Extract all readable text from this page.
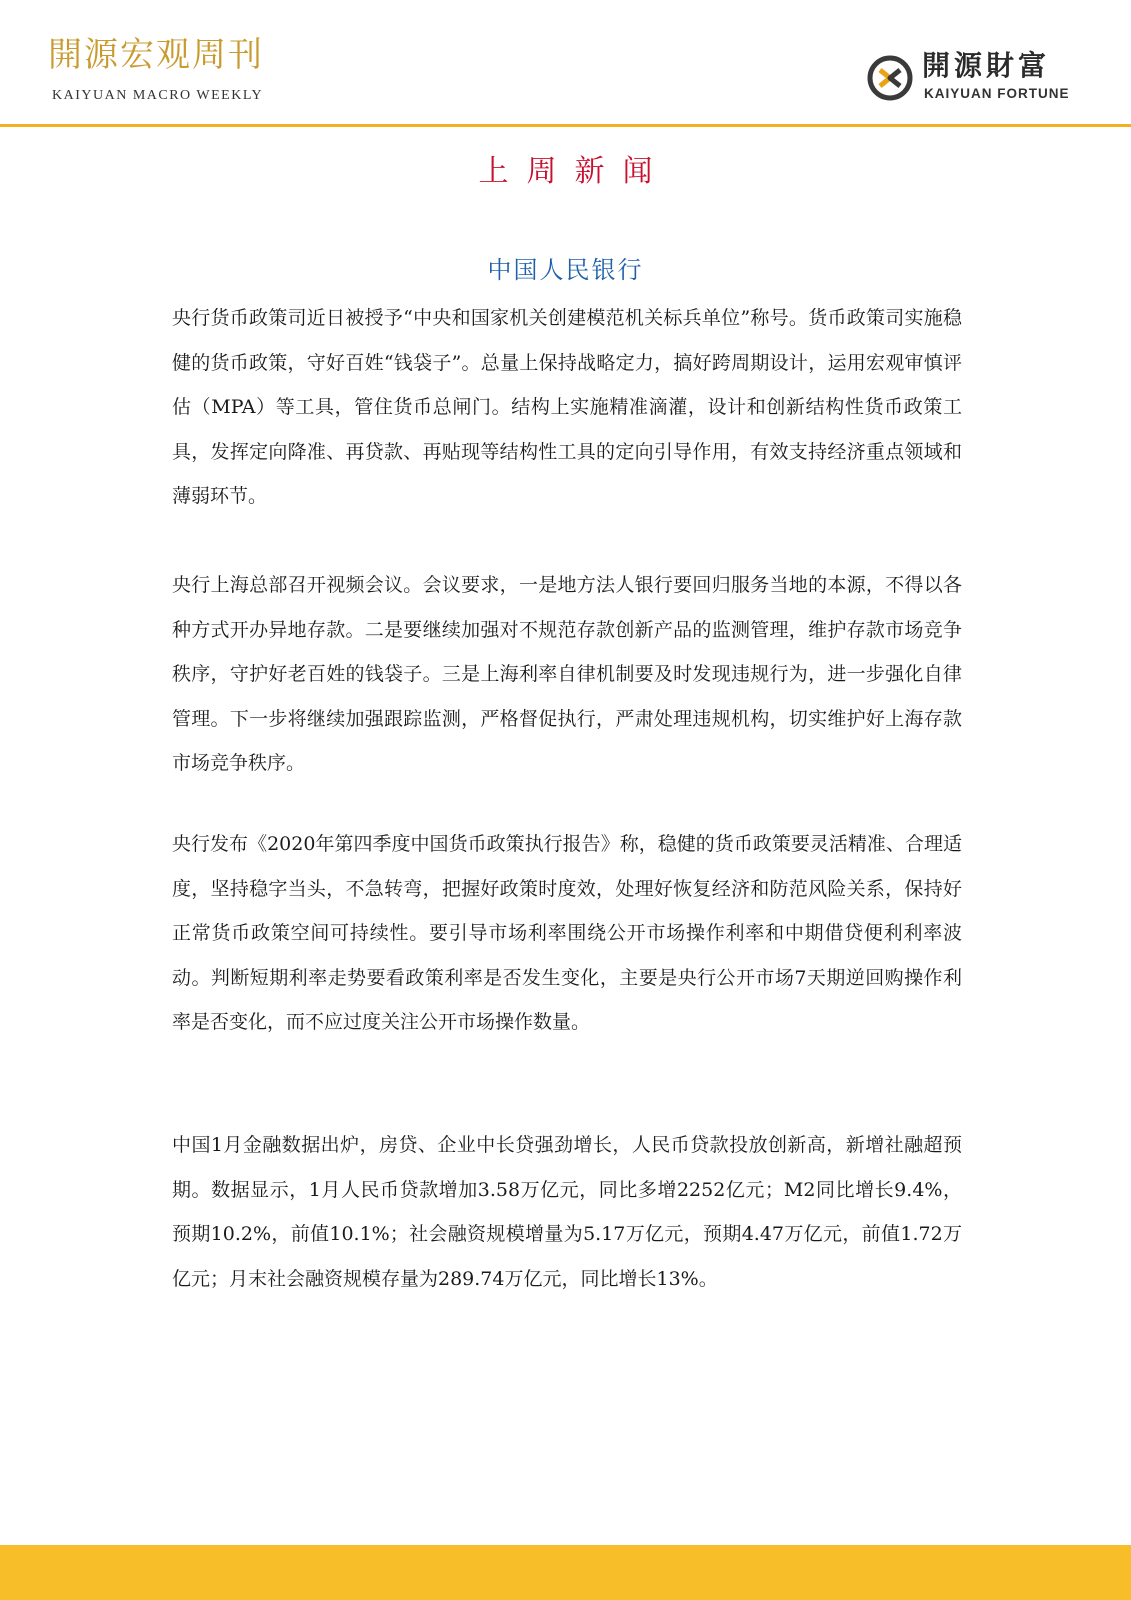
開源宏观周刊
KAIYUAN MACRO WEEKLY
開源財富
KAIYUAN FORTUNE
上周新闻
中国人民银行

央行货币政策司近日被授予“中央和国家机关创建模范机关标兵单位”称号。货币政策司实施稳健的货币政策，守好百姓“钱袋子”。总量上保持战略定力，搞好跨周期设计，运用宏观审慎评估（MPA）等工具，管住货币总闸门。结构上实施精准滴灌，设计和创新结构性货币政策工具，发挥定向降准、再贷款、再贴现等结构性工具的定向引导作用，有效支持经济重点领域和薄弱环节。

央行上海总部召开视频会议。会议要求，一是地方法人银行要回归服务当地的本源，不得以各种方式开办异地存款。二是要继续加强对不规范存款创新产品的监测管理，维护存款市场竞争秩序，守护好老百姓的钱袋子。三是上海利率自律机制要及时发现违规行为，进一步强化自律管理。下一步将继续加强跟踪监测，严格督促执行，严肃处理违规机构，切实维护好上海存款市场竞争秩序。

央行发布《2020年第四季度中国货币政策执行报告》称，稳健的货币政策要灵活精准、合理适度，坚持稳字当头，不急转弯，把握好政策时度效，处理好恢复经济和防范风险关系，保持好正常货币政策空间可持续性。要引导市场利率围绕公开市场操作利率和中期借贷便利利率波动。判断短期利率走势要看政策利率是否发生变化，主要是央行公开市场7天期逆回购操作利率是否变化，而不应过度关注公开市场操作数量。

中国1月金融数据出炉，房贷、企业中长贷强劲增长，人民币贷款投放创新高，新增社融超预期。数据显示，1月人民币贷款增加3.58万亿元，同比多增2252亿元；M2同比增长9.4%，预期10.2%，前值10.1%；社会融资规模增量为5.17万亿元，预期4.47万亿元，前值1.72万亿元；月末社会融资规模存量为289.74万亿元，同比增长13%。
